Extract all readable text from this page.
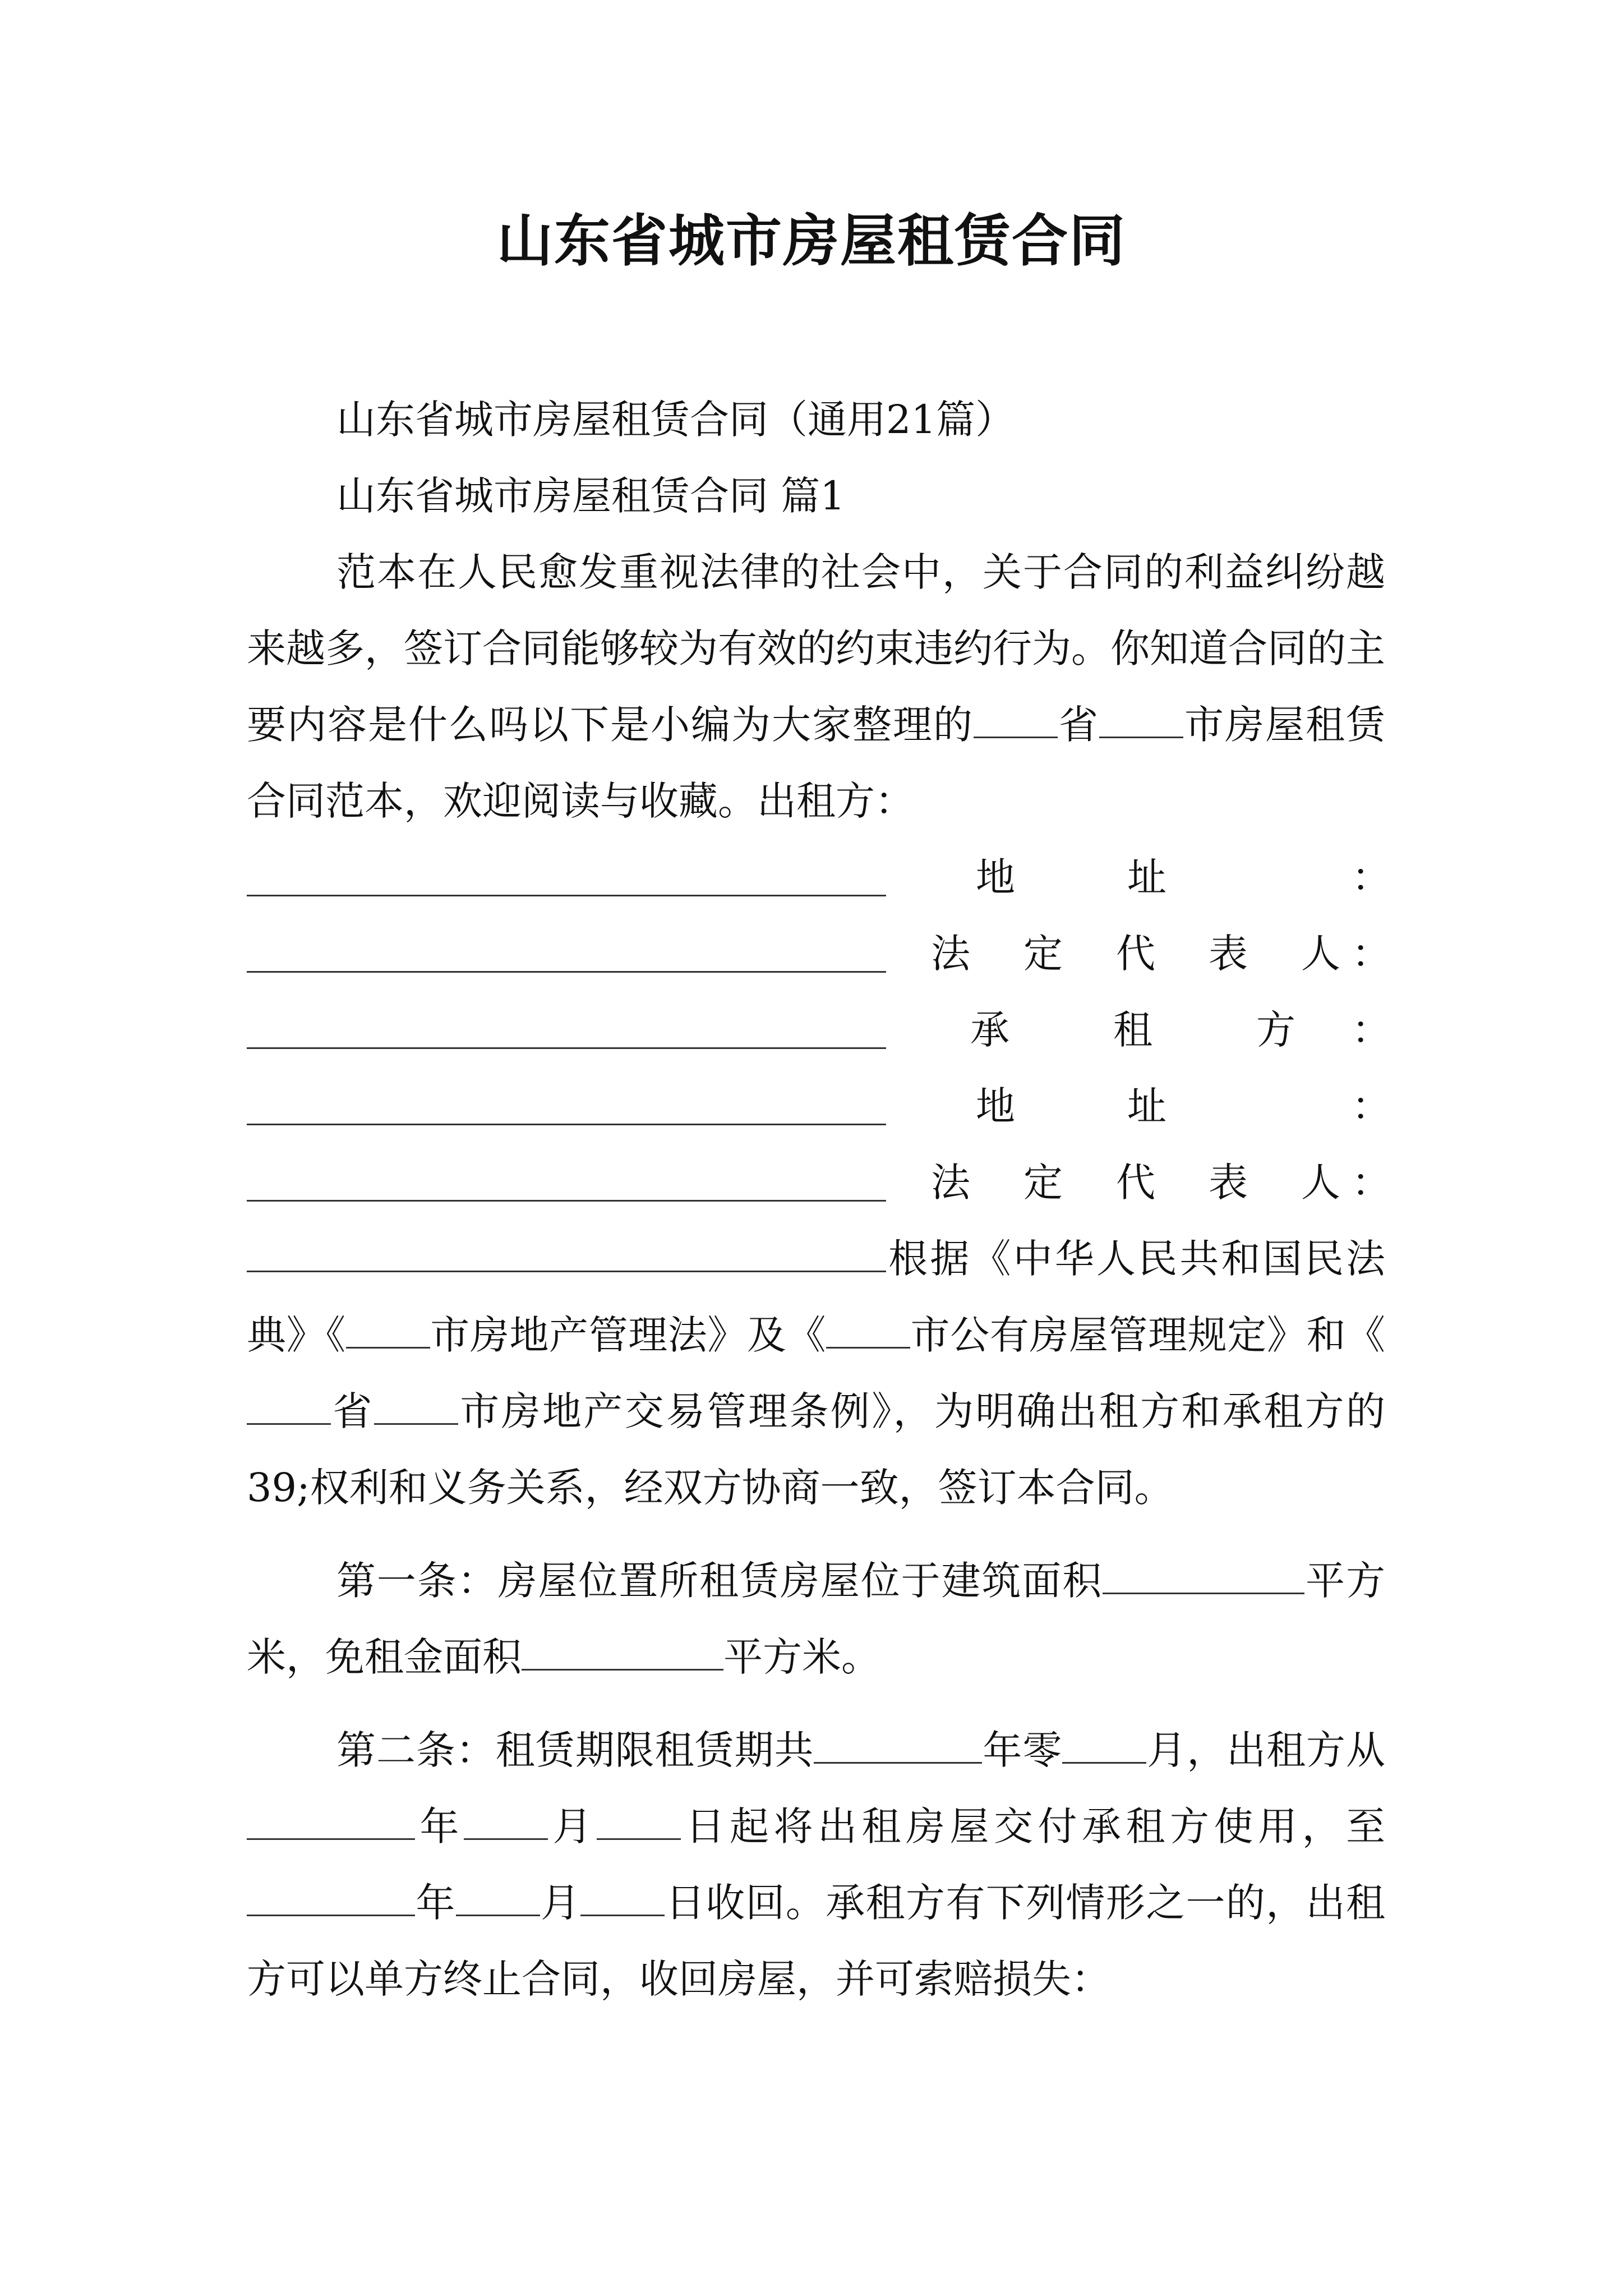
山东省城市房屋租赁合同

山东省城市房屋租赁合同（通用21篇）

山东省城市房屋租赁合同 篇1

范本在人民愈发重视法律的社会中，关于合同的利益纠纷越来越多，签订合同能够较为有效的约束违约行为。你知道合同的主要内容是什么吗以下是小编为大家整理的 省 市房屋租赁合同范本，欢迎阅读与收藏。出租方：

地	址	：
法 定 代 表 人 ：
承	租	方 ：
地	址	：
法 定 代 表 人 ：

根据《中华人民共和国民法典》《 市房地产管理法》及《 市公有房屋管理规定》和《省 市房地产交易管理条例》，为明确出租方和承租方的39;权利和义务关系，经双方协商一致，签订本合同。

第一条：房屋位置所租赁房屋位于建筑面积	平方米，免租金面积	平方米。

第二条：租赁期限租赁期共	年零 月，出租方从年 月 日起将出租房屋交付承租方使用，至年 月 日收回。承租方有下列情形之一的，出租方可以单方终止合同，收回房屋，并可索赔损失：
